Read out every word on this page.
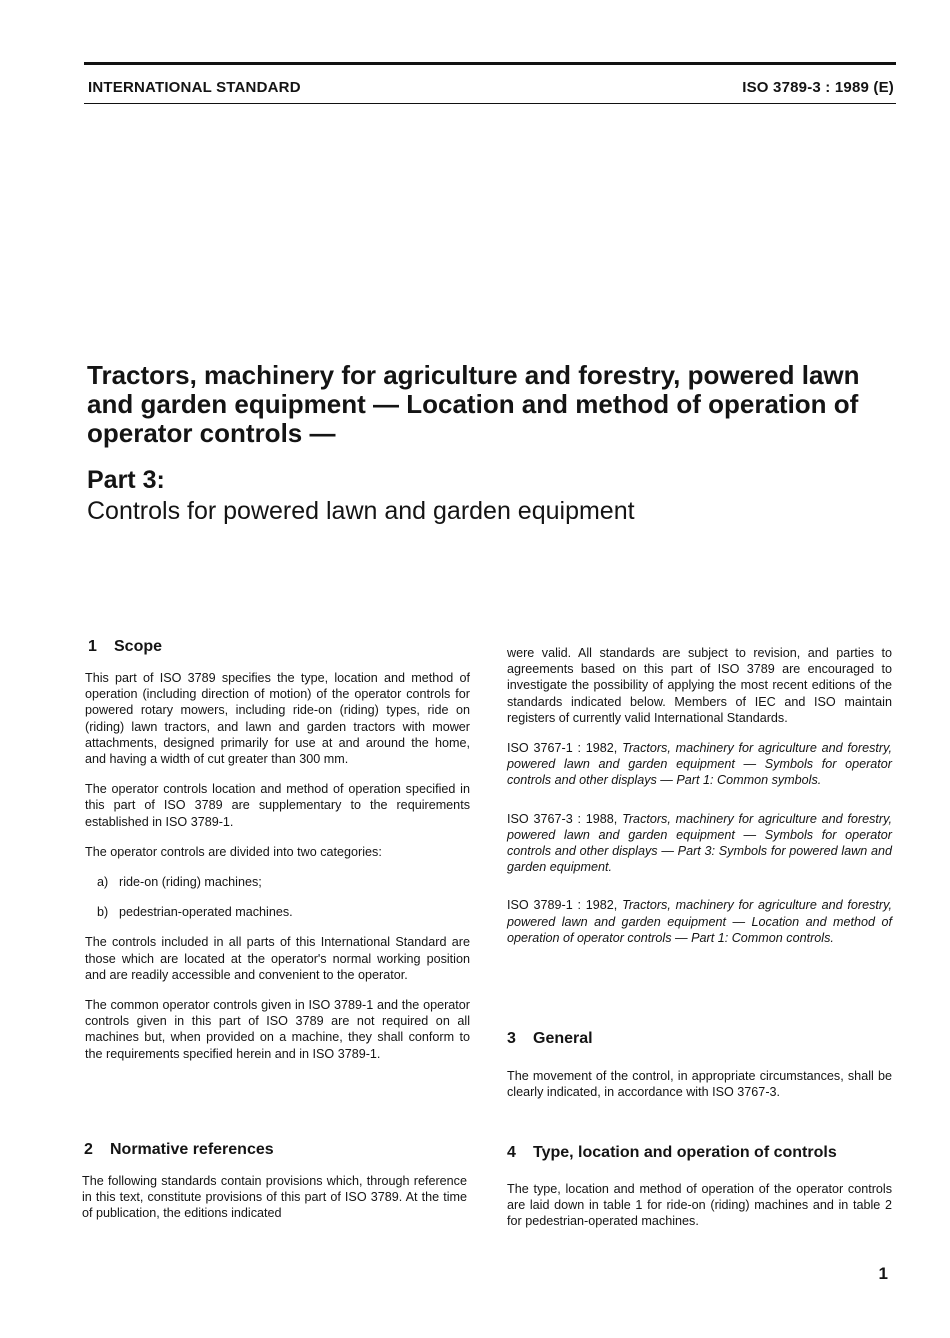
INTERNATIONAL STANDARD	ISO 3789-3 : 1989 (E)
Tractors, machinery for agriculture and forestry, powered lawn and garden equipment — Location and method of operation of operator controls —
Part 3:
Controls for powered lawn and garden equipment
1 Scope

This part of ISO 3789 specifies the type, location and method of operation (including direction of motion) of the operator controls for powered rotary mowers, including ride-on (riding) types, ride on (riding) lawn tractors, and lawn and garden tractors with mower attachments, designed primarily for use at and around the home, and having a width of cut greater than 300 mm.

The operator controls location and method of operation specified in this part of ISO 3789 are supplementary to the requirements established in ISO 3789-1.

The operator controls are divided into two categories:

a) ride-on (riding) machines;
b) pedestrian-operated machines.

The controls included in all parts of this International Standard are those which are located at the operator's normal working position and are readily accessible and convenient to the operator.

The common operator controls given in ISO 3789-1 and the operator controls given in this part of ISO 3789 are not required on all machines but, when provided on a machine, they shall conform to the requirements specified herein and in ISO 3789-1.

2 Normative references

The following standards contain provisions which, through reference in this text, constitute provisions of this part of ISO 3789. At the time of publication, the editions indicated

were valid. All standards are subject to revision, and parties to agreements based on this part of ISO 3789 are encouraged to investigate the possibility of applying the most recent editions of the standards indicated below. Members of IEC and ISO maintain registers of currently valid International Standards.

ISO 3767-1 : 1982, Tractors, machinery for agriculture and forestry, powered lawn and garden equipment — Symbols for operator controls and other displays — Part 1: Common symbols.

ISO 3767-3 : 1988, Tractors, machinery for agriculture and forestry, powered lawn and garden equipment — Symbols for operator controls and other displays — Part 3: Symbols for powered lawn and garden equipment.

ISO 3789-1 : 1982, Tractors, machinery for agriculture and forestry, powered lawn and garden equipment — Location and method of operation of operator controls — Part 1: Common controls.

3 General

The movement of the control, in appropriate circumstances, shall be clearly indicated, in accordance with ISO 3767-3.

4 Type, location and operation of controls

The type, location and method of operation of the operator controls are laid down in table 1 for ride-on (riding) machines and in table 2 for pedestrian-operated machines.

1
